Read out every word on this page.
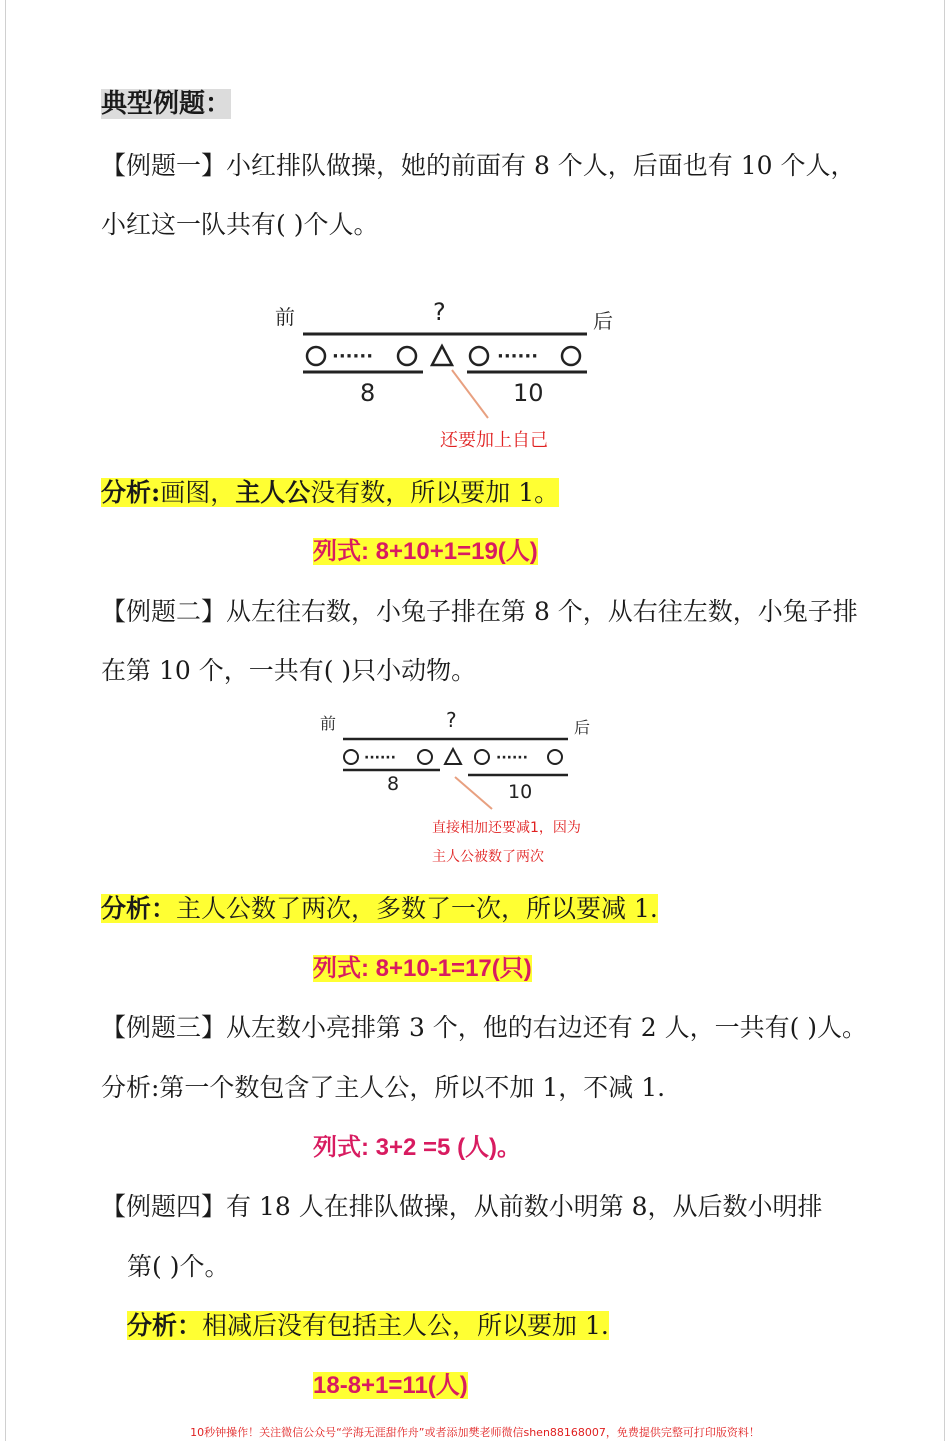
典型例题：
【例题一】小红排队做操，她的前面有 8 个人，后面也有 10 个人，
小红这一队共有( )个人。
前	?	后
······	······
8	10
还要加上自己
分析:画图，主人公没有数，所以要加 1。
列式: 8+10+1=19(人)
【例题二】从左往右数，小兔子排在第 8 个，从右往左数，小兔子排
在第 10 个，一共有( )只小动物。
前	?	后
······	······
8	10
直接相加还要减1，因为
主人公被数了两次
分析：主人公数了两次，多数了一次，所以要减 1.
列式: 8+10-1=17(只)
【例题三】从左数小亮排第 3 个，他的右边还有 2 人，一共有( )人。
分析:第一个数包含了主人公，所以不加 1，不减 1.
列式: 3+2 =5 (人)。
【例题四】有 18 人在排队做操，从前数小明第 8，从后数小明排
第( )个。
分析：相减后没有包括主人公，所以要加 1.
18-8+1=11(人)
10秒钟操作！关注微信公众号“学海无涯甜作舟”或者添加樊老师微信shen88168007，免费提供完整可打印版资料！
